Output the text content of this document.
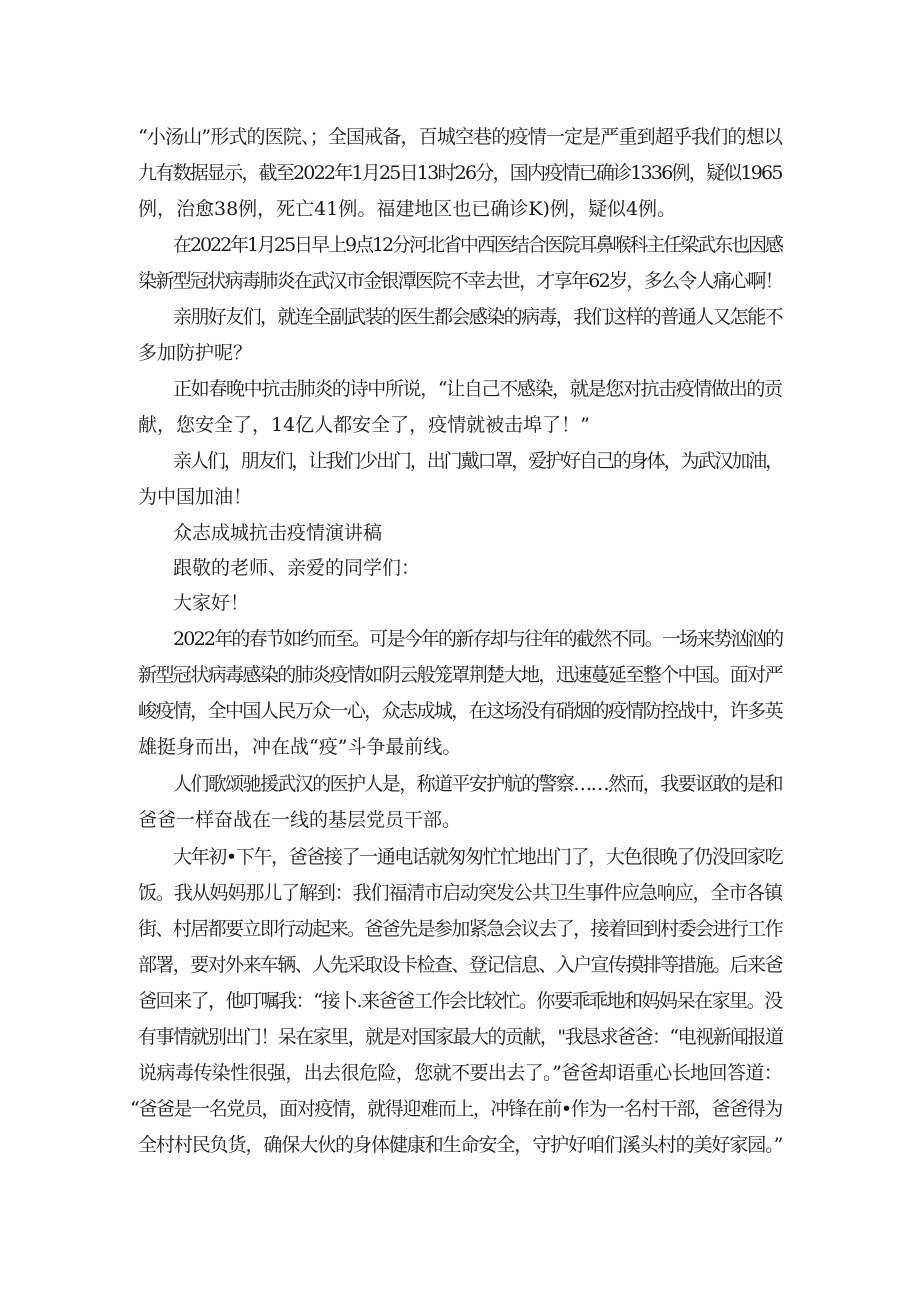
“小汤山”形式的医院、；全国戒备，百城空巷的疫情一定是严重到超乎我们的想以

九有数据显示，截至2022年1月25日13时26分，国内疫情已确诊1336例，疑似1965

例，治愈38例，死亡41例。福建地区也已确诊K)例，疑似4例。

在2022年1月25日早上9点12分河北省中西医结合医院耳鼻喉科主任梁武东也因感

染新型冠状病毒肺炎在武汉市金银潭医院不幸去世，才享年62岁，多么令人痛心啊！

亲朋好友们，就连全副武装的医生都会感染的病毒，我们这样的普通人又怎能不

多加防护呢？

正如春晚中抗击肺炎的诗中所说，“让自己不感染，就是您对抗击疫情做出的贡

献，您安全了，14亿人都安全了，疫情就被击埠了！”

亲人们，朋友们，让我们少出门，出门戴口罩，爱护好自己的身体，为武汉加油，

为中国加油！

众志成城抗击疫情演讲稿

跟敬的老师、亲爱的同学们：

大家好！

2022年的春节如约而至。可是今年的新存却与往年的截然不同。一场来势汹汹的

新型冠状病毒感染的肺炎疫情如阴云般笼罩荆楚大地，迅速蔓延至整个中国。面对严

峻疫情，全中国人民万众一心，众志成城，在这场没有硝烟的疫情防控战中，许多英

雄挺身而出，冲在战“疫”斗争最前线。

人们歌颂驰援武汉的医护人是，称道平安护航的警察……然而，我要讴敢的是和

爸爸一样奋战在一线的基层党员干部。

大年初•下午，爸爸接了一通电话就匆匆忙忙地出门了，大色很晚了仍没回家吃

饭。我从妈妈那儿了解到：我们福清市启动突发公共卫生事件应急响应，全市各镇

街、村居都要立即行动起来。爸爸先是参加紧急会议去了，接着回到村委会进行工作

部署，要对外来车辆、人先采取设卡检查、登记信息、入户宣传摸排等措施。后来爸

爸回来了，他叮嘱我：“接卜.来爸爸工作会比较忙。你要乖乖地和妈妈呆在家里。没

有事情就别出门！呆在家里，就是对国家最大的贡献，"我恳求爸爸：“电视新闻报道

说病毒传染性很强，出去很危险，您就不要出去了。”爸爸却语重心长地回答道：

“爸爸是一名党员，面对疫情，就得迎难而上，冲锋在前•作为一名村干部，爸爸得为

全村村民负货，确保大伙的身体健康和生命安全，守护好咱们溪头村的美好家园。”
